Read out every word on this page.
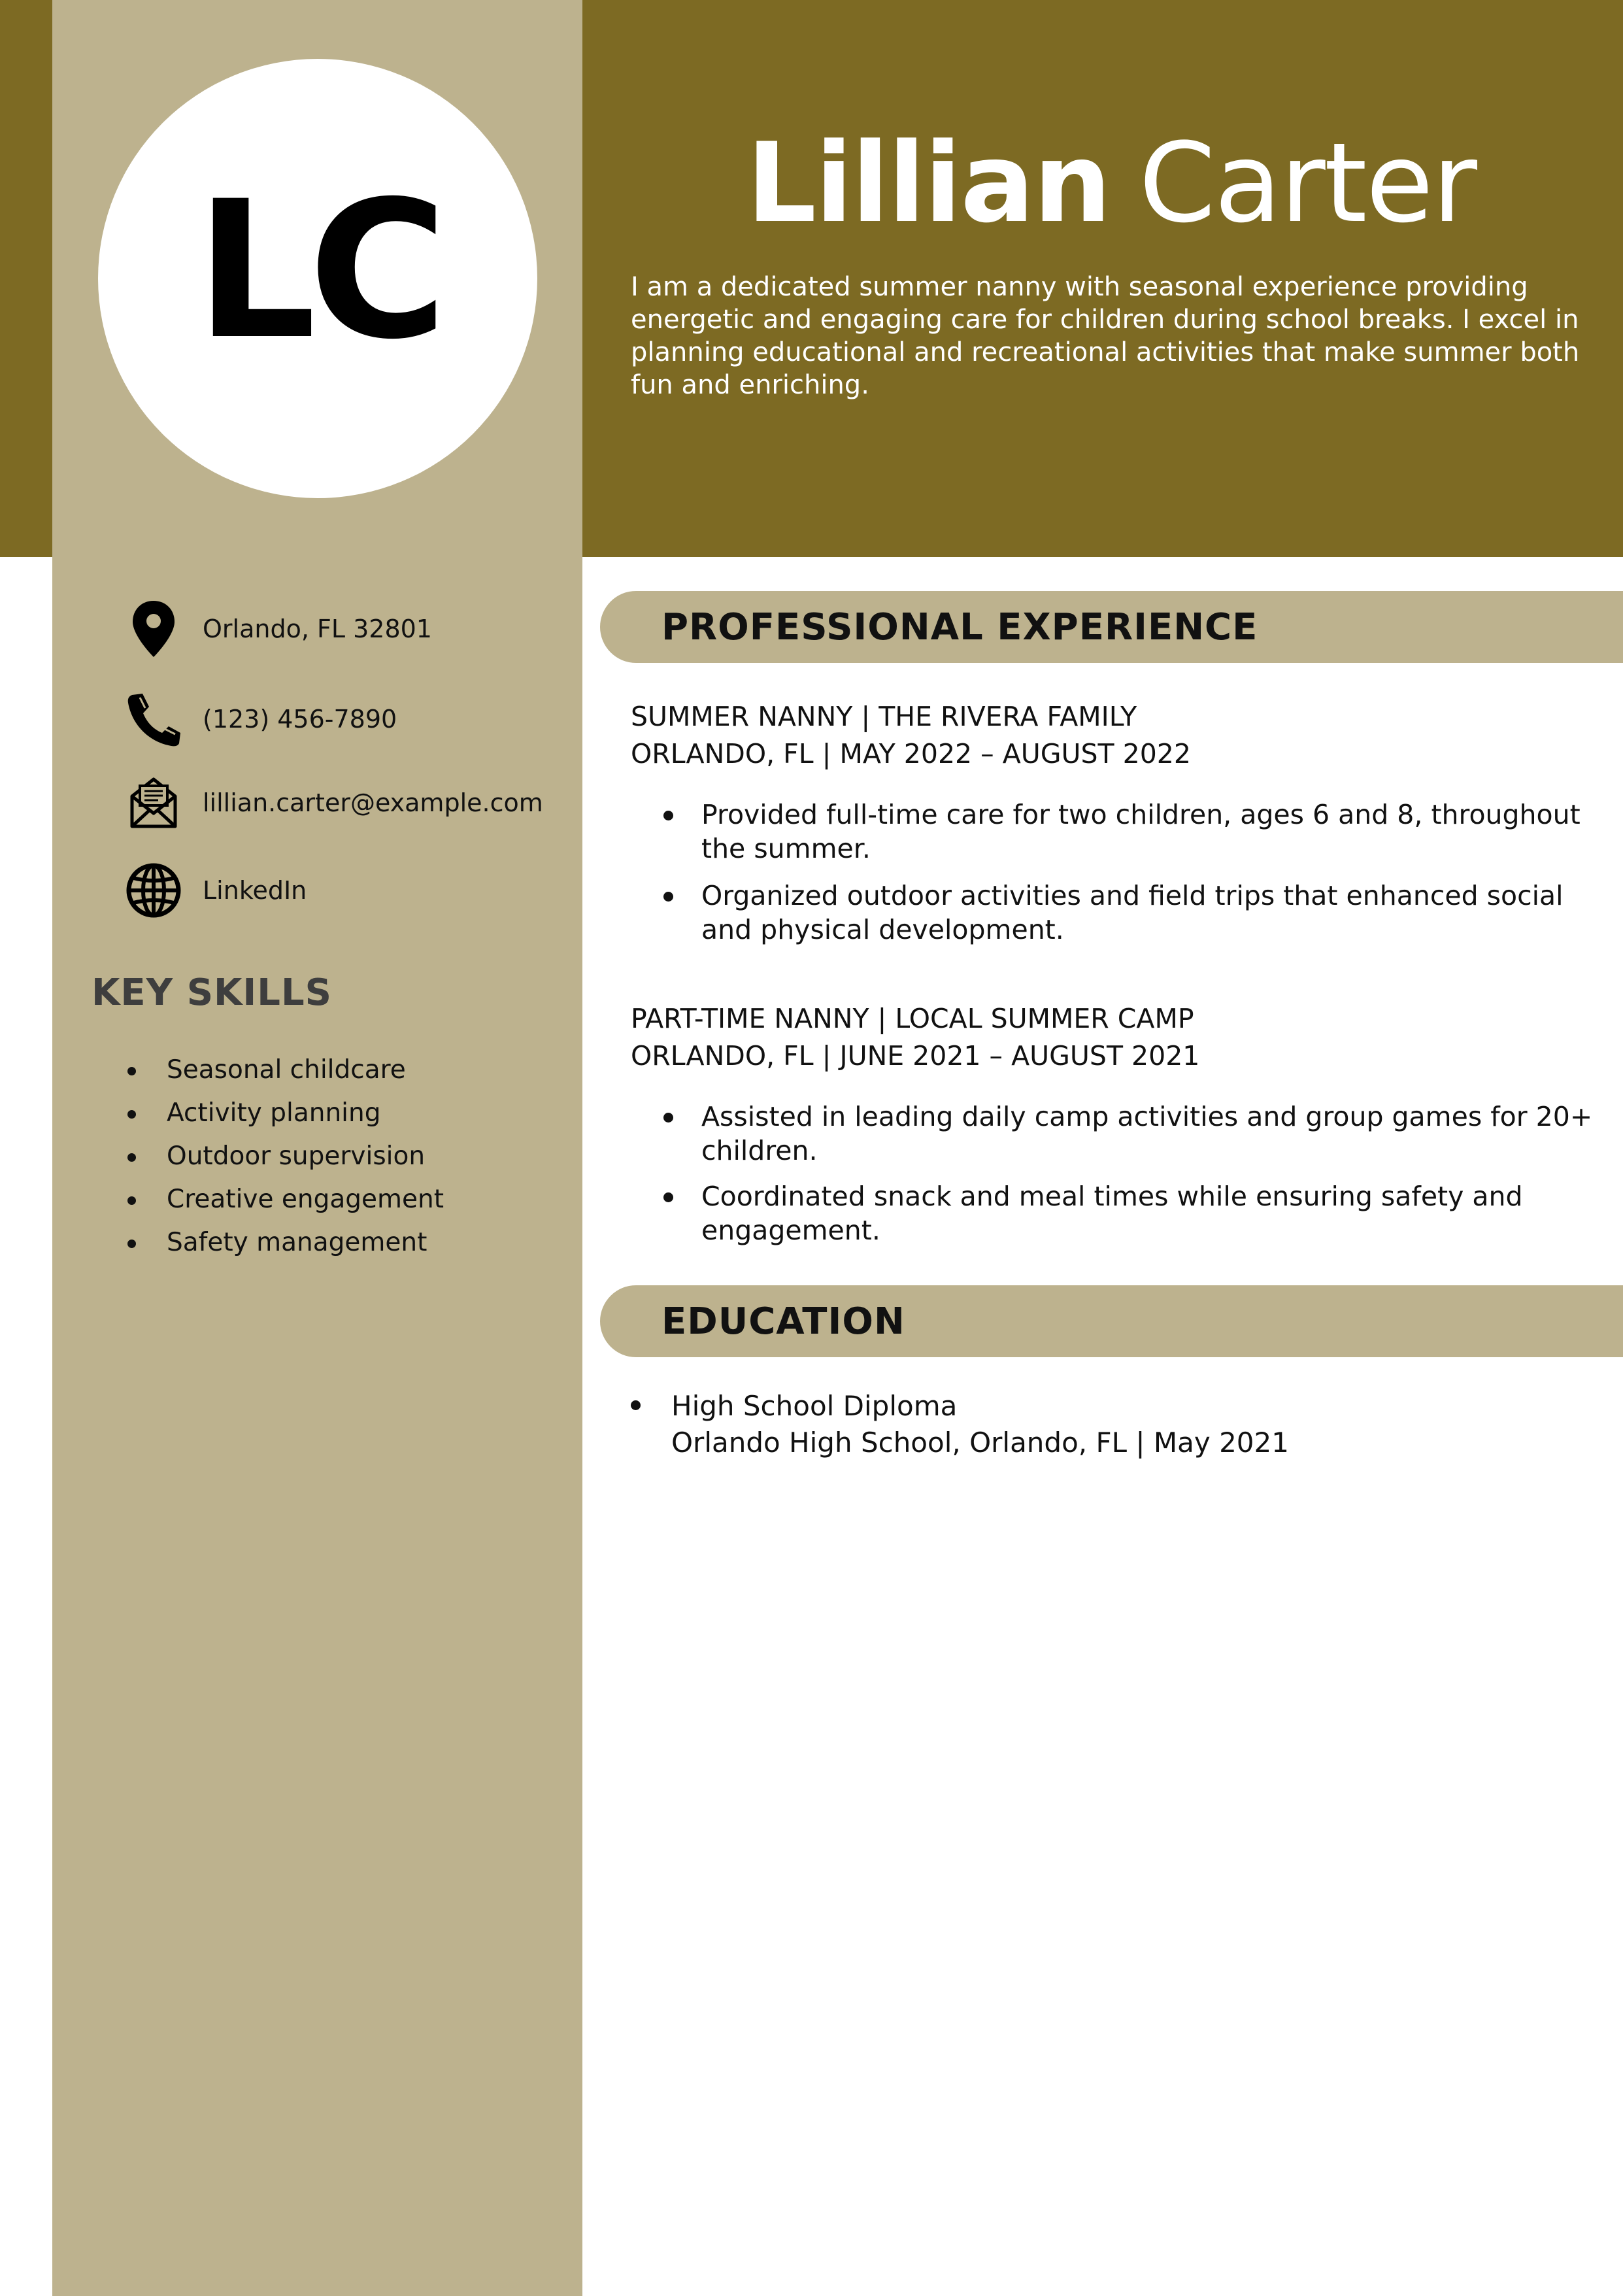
LC	Lillian Carter
I am a dedicated summer nanny with seasonal experience providing energetic and engaging care for children during school breaks. I excel in planning educational and recreational activities that make summer both fun and enriching.
Orlando, FL 32801
(123) 456-7890
lillian.carter@example.com
LinkedIn
KEY SKILLS
Seasonal childcare
Activity planning
Outdoor supervision
Creative engagement
Safety management
PROFESSIONAL EXPERIENCE
SUMMER NANNY | THE RIVERA FAMILY
ORLANDO, FL | MAY 2022 – AUGUST 2022
Provided full-time care for two children, ages 6 and 8, throughout the summer.
Organized outdoor activities and field trips that enhanced social and physical development.
PART-TIME NANNY | LOCAL SUMMER CAMP
ORLANDO, FL | JUNE 2021 – AUGUST 2021
Assisted in leading daily camp activities and group games for 20+ children.
Coordinated snack and meal times while ensuring safety and engagement.
EDUCATION
High School Diploma
Orlando High School, Orlando, FL | May 2021
